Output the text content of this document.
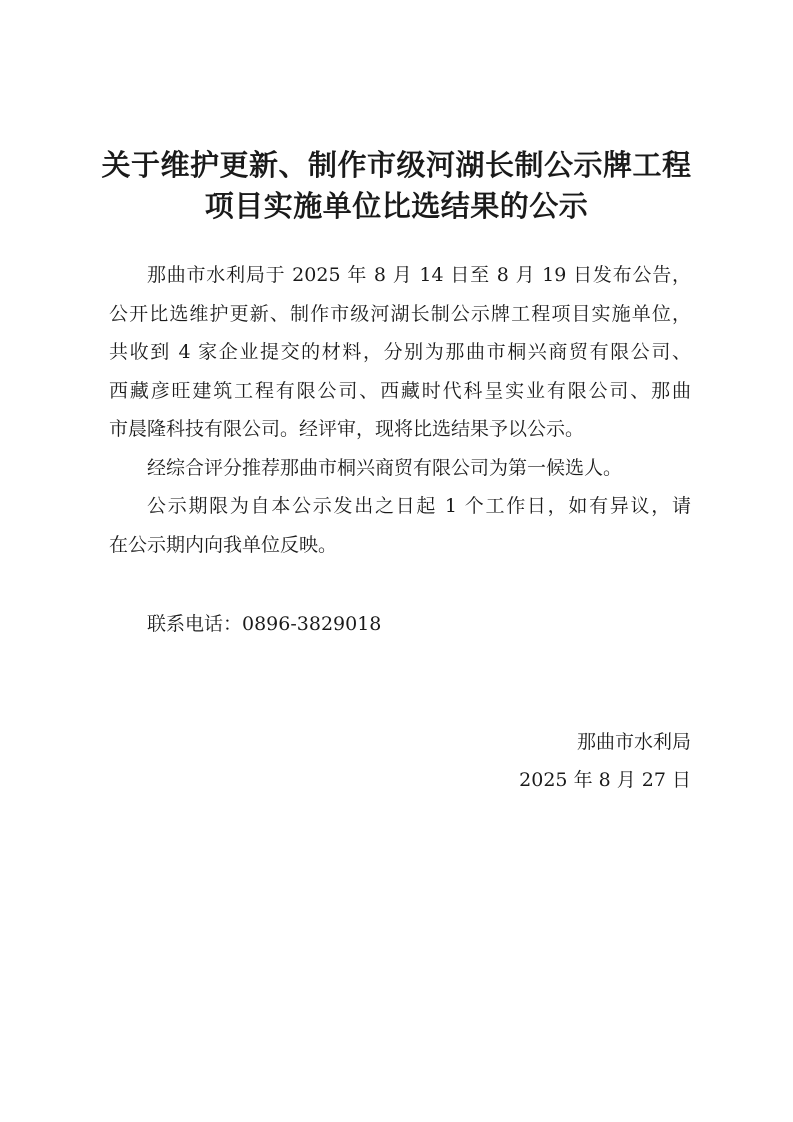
关于维护更新、制作市级河湖长制公示牌工程
项目实施单位比选结果的公示

那曲市水利局于 2025 年 8 月 14 日至 8 月 19 日发布公告，
公开比选维护更新、制作市级河湖长制公示牌工程项目实施单位，
共收到 4 家企业提交的材料，分别为那曲市桐兴商贸有限公司、
西藏彦旺建筑工程有限公司、西藏时代科呈实业有限公司、那曲
市晨隆科技有限公司。经评审，现将比选结果予以公示。

经综合评分推荐那曲市桐兴商贸有限公司为第一候选人。

公示期限为自本公示发出之日起 1 个工作日，如有异议，请
在公示期内向我单位反映。

联系电话：0896-3829018
那曲市水利局
2025 年 8 月 27 日
